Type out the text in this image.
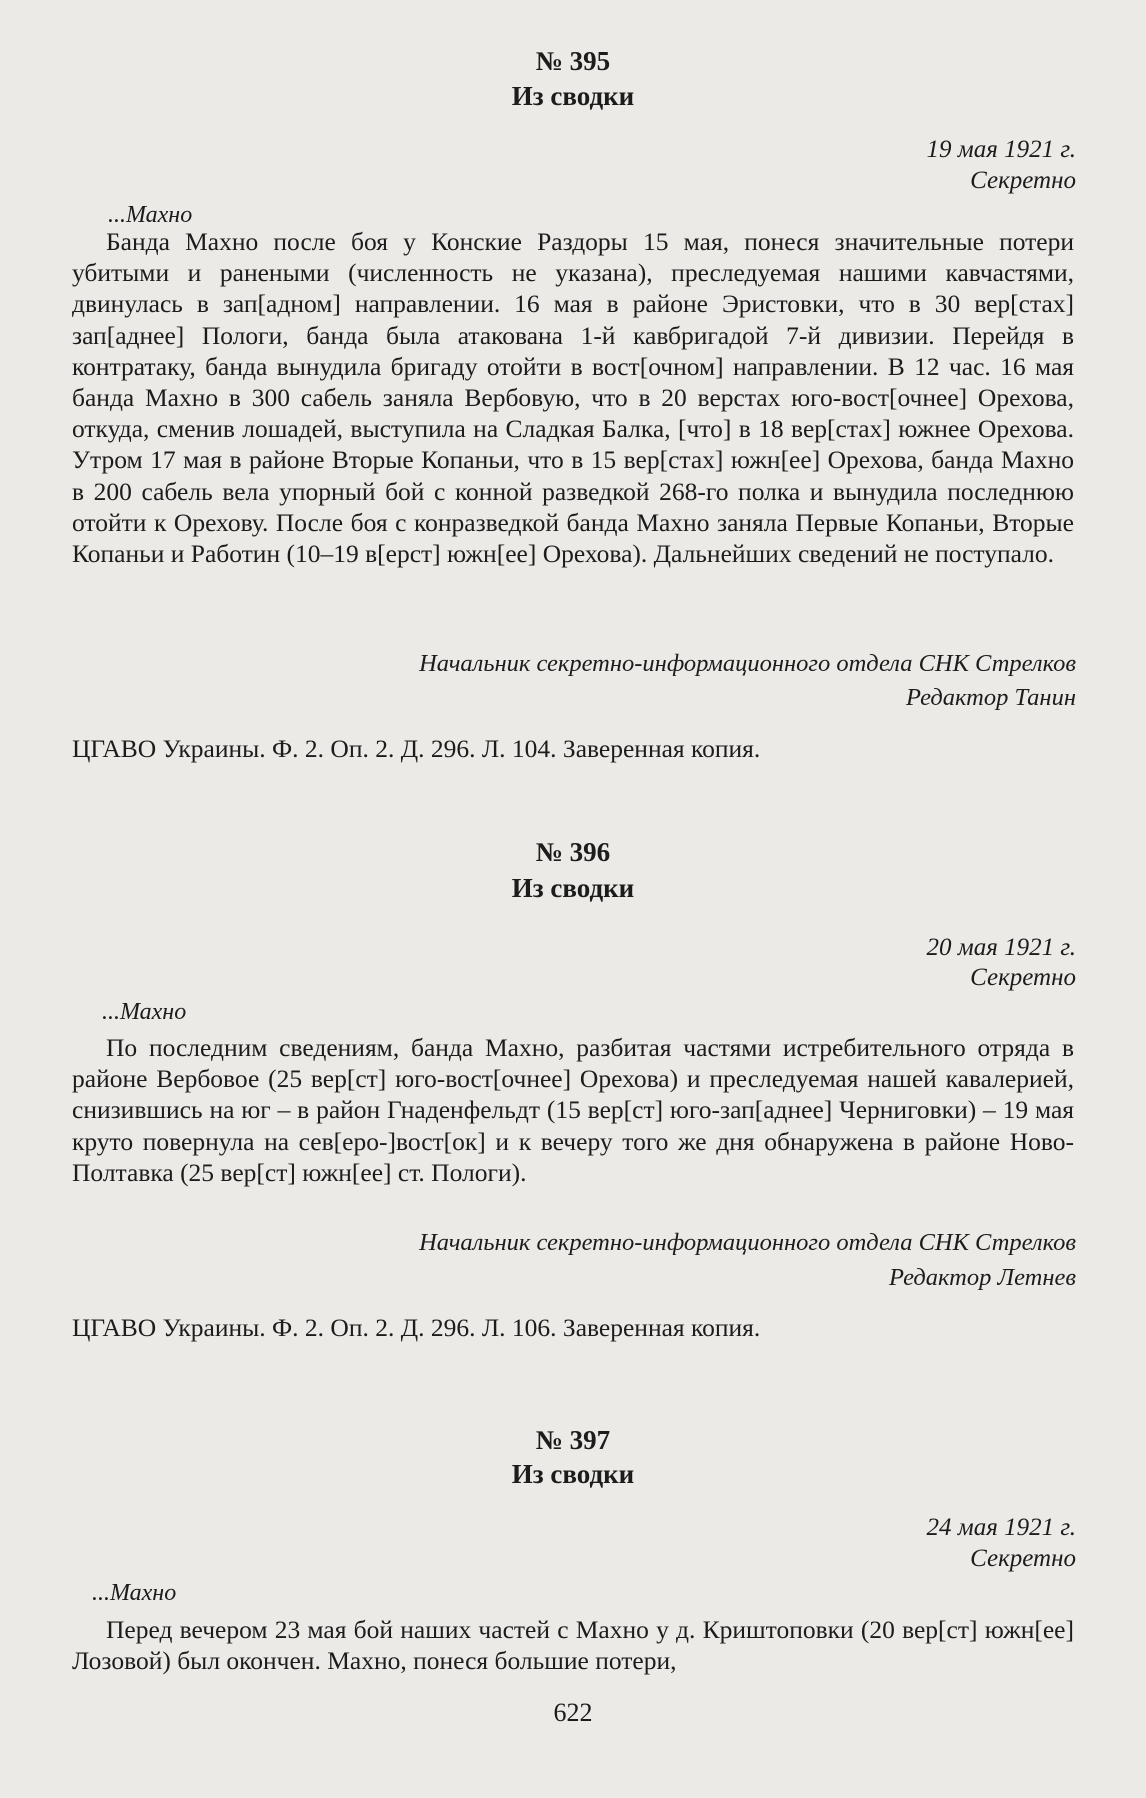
№ 395
Из сводки
19 мая 1921 г.
Секретно
...Махно

Банда Махно после боя у Конские Раздоры 15 мая, понеся значительные потери убитыми и ранеными (численность не указана), преследуемая нашими кавчастями, двинулась в зап[адном] направлении. 16 мая в районе Эристовки, что в 30 вер[стах] зап[аднее] Пологи, банда была атакована 1-й кавбригадой 7-й дивизии. Перейдя в контратаку, банда вынудила бригаду отойти в вост[очном] направлении. В 12 час. 16 мая банда Махно в 300 сабель заняла Вербовую, что в 20 верстах юго-вост[очнее] Орехова, откуда, сменив лошадей, выступила на Сладкая Балка, [что] в 18 вер[стах] южнее Орехова. Утром 17 мая в районе Вторые Копаньи, что в 15 вер[стах] южн[ее] Орехова, банда Махно в 200 сабель вела упорный бой с конной разведкой 268-го полка и вынудила последнюю отойти к Орехову. После боя с конразведкой банда Махно заняла Первые Копаньи, Вторые Копаньи и Работин (10–19 в[ерст] южн[ее] Орехова). Дальнейших сведений не поступало.

Начальник секретно-информационного отдела СНК Стрелков
Редактор Танин
ЦГАВО Украины. Ф. 2. Оп. 2. Д. 296. Л. 104. Заверенная копия.
№ 396
Из сводки
20 мая 1921 г.
Секретно
...Махно

По последним сведениям, банда Махно, разбитая частями истребительного отряда в районе Вербовое (25 вер[ст] юго-вост[очнее] Орехова) и преследуемая нашей кавалерией, снизившись на юг – в район Гнаденфельдт (15 вер[ст] юго-зап[аднее] Черниговки) – 19 мая круто повернула на сев[еро-]вост[ок] и к вечеру того же дня обнаружена в районе Ново-Полтавка (25 вер[ст] южн[ее] ст. Пологи).

Начальник секретно-информационного отдела СНК Стрелков
Редактор Летнев
ЦГАВО Украины. Ф. 2. Оп. 2. Д. 296. Л. 106. Заверенная копия.
№ 397
Из сводки
24 мая 1921 г.
Секретно
...Махно

Перед вечером 23 мая бой наших частей с Махно у д. Криштоповки (20 вер[ст] южн[ее] Лозовой) был окончен. Махно, понеся большие потери,

622
